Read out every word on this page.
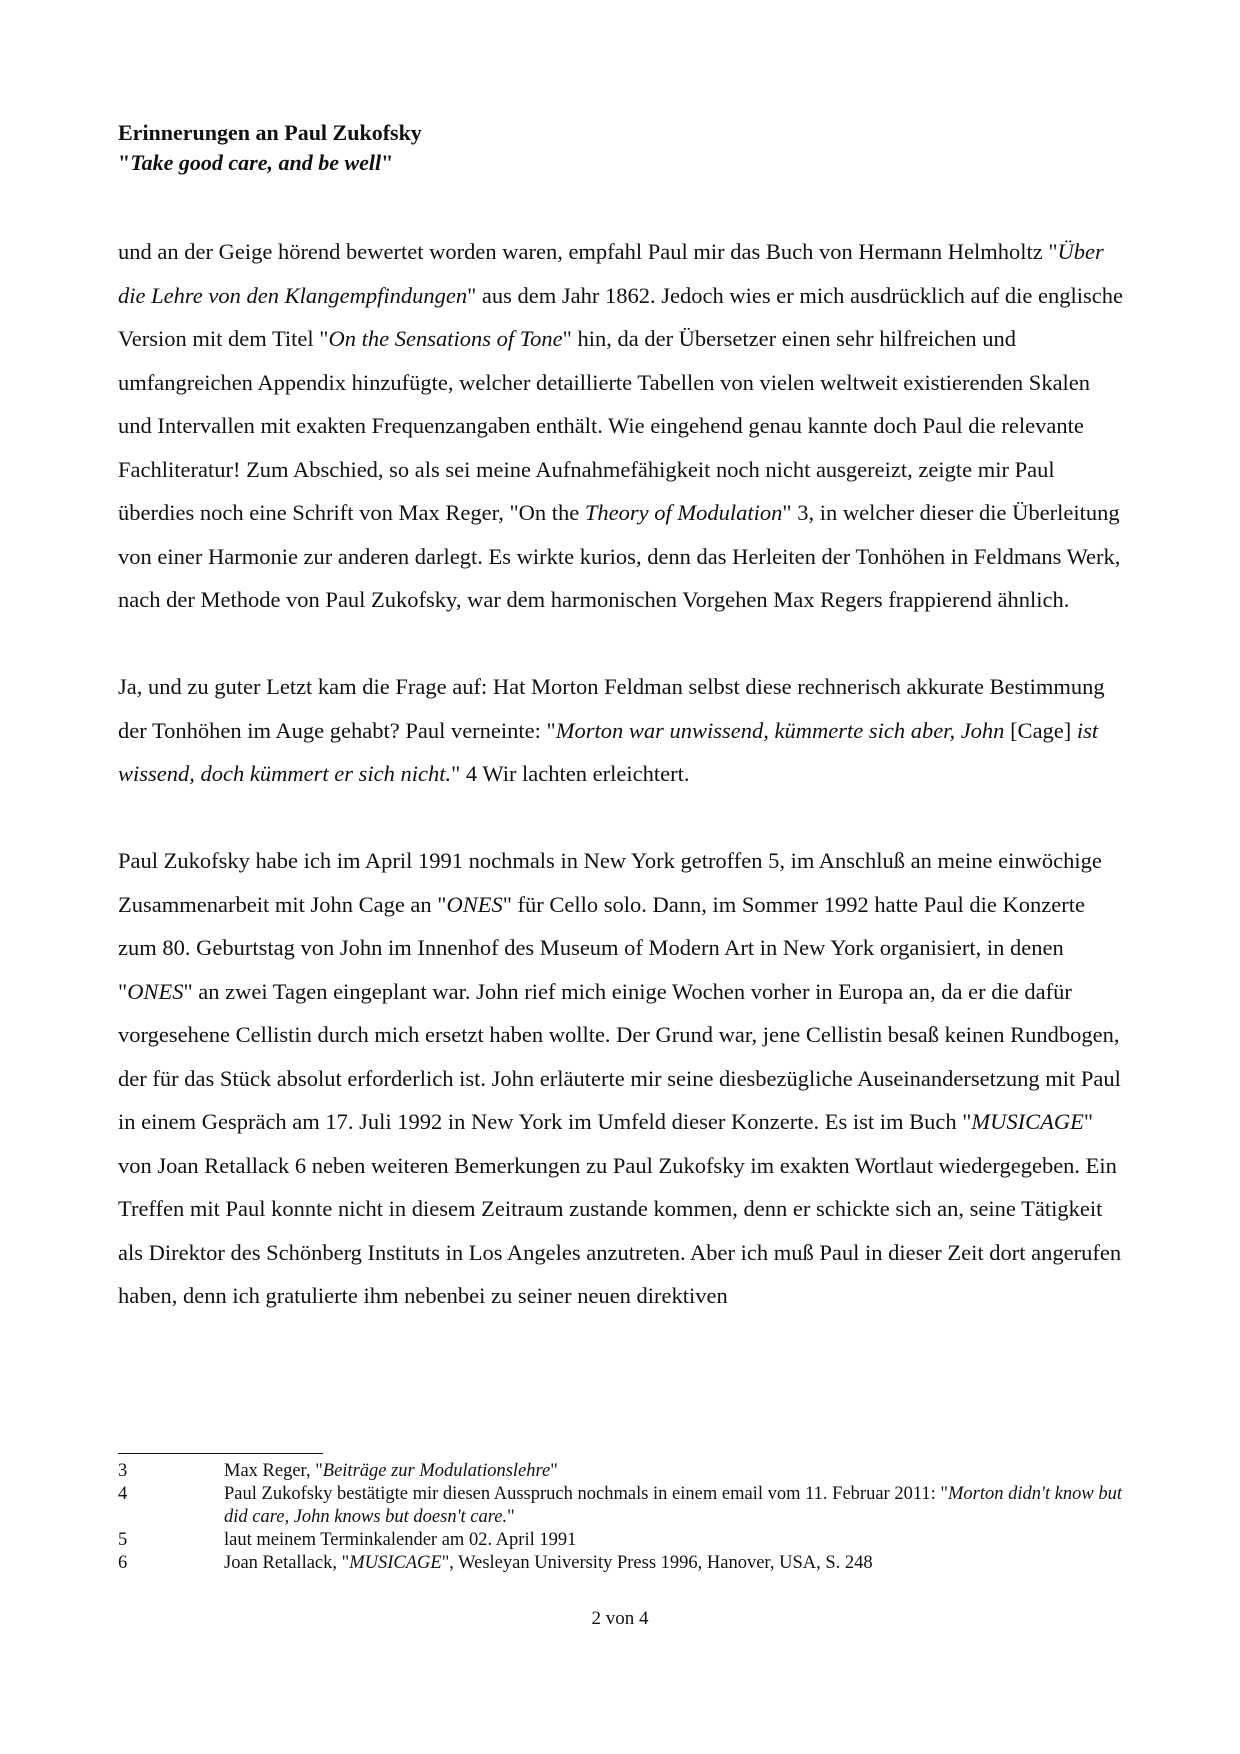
Erinnerungen an Paul Zukofsky
"Take good care, and be well"

und an der Geige hörend bewertet worden waren, empfahl Paul mir das Buch von Hermann Helmholtz "Über die Lehre von den Klangempfindungen" aus dem Jahr 1862. Jedoch wies er mich ausdrücklich auf die englische Version mit dem Titel "On the Sensations of Tone" hin, da der Übersetzer einen sehr hilfreichen und umfangreichen Appendix hinzufügte, welcher detaillierte Tabellen von vielen weltweit existierenden Skalen und Intervallen mit exakten Frequenzangaben enthält. Wie eingehend genau kannte doch Paul die relevante Fachliteratur! Zum Abschied, so als sei meine Aufnahmefähigkeit noch nicht ausgereizt, zeigte mir Paul überdies noch eine Schrift von Max Reger, "On the Theory of Modulation" 3, in welcher dieser die Überleitung von einer Harmonie zur anderen darlegt. Es wirkte kurios, denn das Herleiten der Tonhöhen in Feldmans Werk, nach der Methode von Paul Zukofsky, war dem harmonischen Vorgehen Max Regers frappierend ähnlich.

Ja, und zu guter Letzt kam die Frage auf: Hat Morton Feldman selbst diese rechnerisch akkurate Bestimmung der Tonhöhen im Auge gehabt? Paul verneinte: "Morton war unwissend, kümmerte sich aber, John [Cage] ist wissend, doch kümmert er sich nicht." 4 Wir lachten erleichtert.

Paul Zukofsky habe ich im April 1991 nochmals in New York getroffen 5, im Anschluß an meine einwöchige Zusammenarbeit mit John Cage an "ONES" für Cello solo. Dann, im Sommer 1992 hatte Paul die Konzerte zum 80. Geburtstag von John im Innenhof des Museum of Modern Art in New York organisiert, in denen "ONES" an zwei Tagen eingeplant war. John rief mich einige Wochen vorher in Europa an, da er die dafür vorgesehene Cellistin durch mich ersetzt haben wollte. Der Grund war, jene Cellistin besaß keinen Rundbogen, der für das Stück absolut erforderlich ist. John erläuterte mir seine diesbezügliche Auseinandersetzung mit Paul in einem Gespräch am 17. Juli 1992 in New York im Umfeld dieser Konzerte. Es ist im Buch "MUSICAGE" von Joan Retallack 6 neben weiteren Bemerkungen zu Paul Zukofsky im exakten Wortlaut wiedergegeben. Ein Treffen mit Paul konnte nicht in diesem Zeitraum zustande kommen, denn er schickte sich an, seine Tätigkeit als Direktor des Schönberg Instituts in Los Angeles anzutreten. Aber ich muß Paul in dieser Zeit dort angerufen haben, denn ich gratulierte ihm nebenbei zu seiner neuen direktiven

3	Max Reger, "Beiträge zur Modulationslehre"
4	Paul Zukofsky bestätigte mir diesen Ausspruch nochmals in einem email vom 11. Februar 2011: "Morton didn't know but did care, John knows but doesn't care."
5	laut meinem Terminkalender am 02. April 1991
6	Joan Retallack, "MUSICAGE", Wesleyan University Press 1996, Hanover, USA, S. 248
2 von 4
